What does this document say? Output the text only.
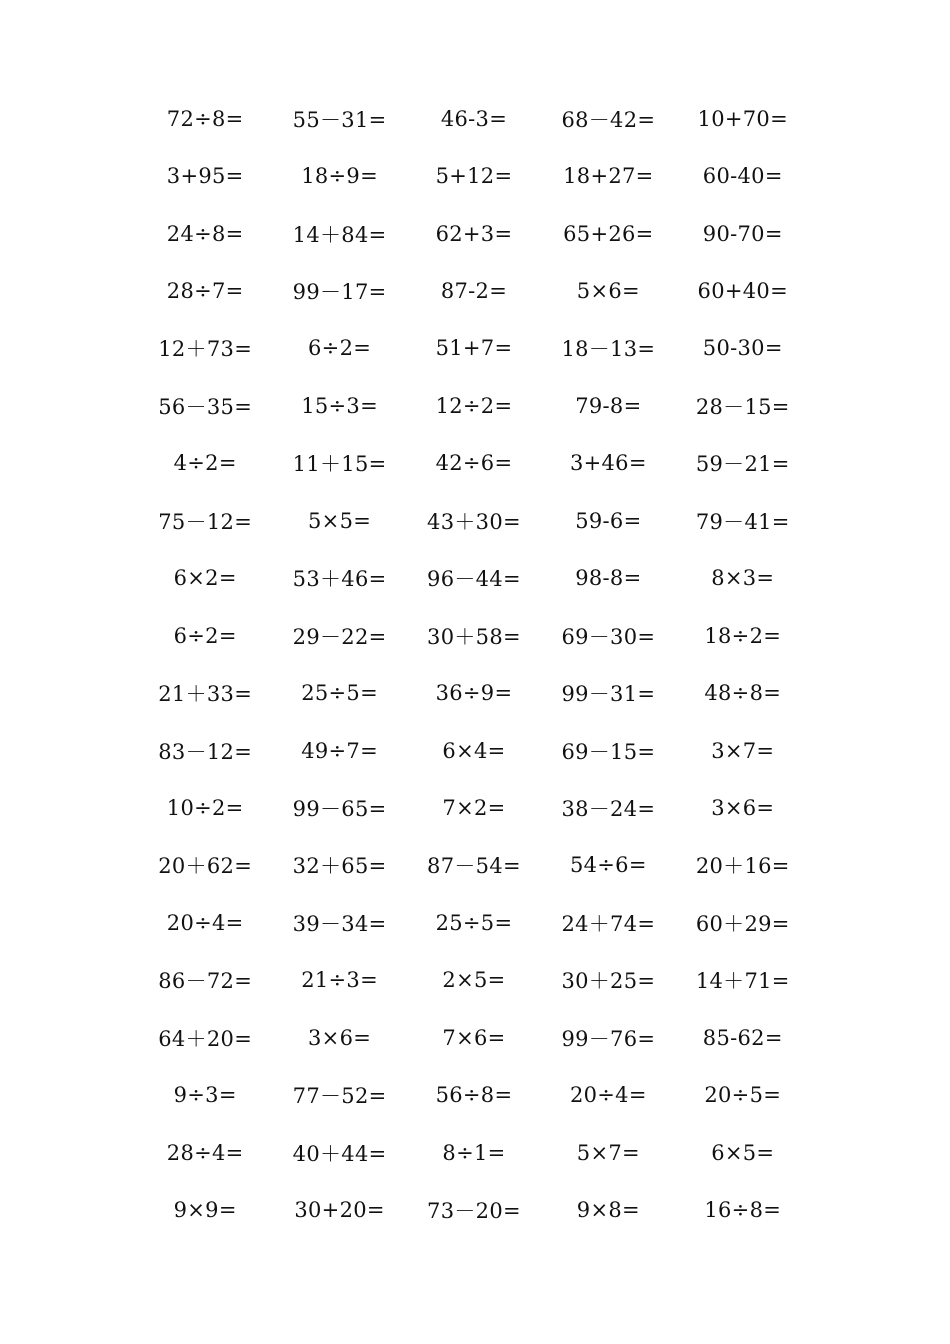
72÷8=	55－31=	46-3=	68－42=	10+70=
3+95=	18÷9=	5+12=	18+27=	60-40=
24÷8=	14＋84=	62+3=	65+26=	90-70=
28÷7=	99－17=	87-2=	5×6=	60+40=
12＋73=	6÷2=	51+7=	18－13=	50-30=
56－35=	15÷3=	12÷2=	79-8=	28－15=
4÷2=	11＋15=	42÷6=	3+46=	59－21=
75－12=	5×5=	43＋30=	59-6=	79－41=
6×2=	53＋46=	96－44=	98-8=	8×3=
6÷2=	29－22=	30＋58=	69－30=	18÷2=
21＋33=	25÷5=	36÷9=	99－31=	48÷8=
83－12=	49÷7=	6×4=	69－15=	3×7=
10÷2=	99－65=	7×2=	38－24=	3×6=
20＋62=	32＋65=	87－54=	54÷6=	20＋16=
20÷4=	39－34=	25÷5=	24＋74=	60＋29=
86－72=	21÷3=	2×5=	30＋25=	14＋71=
64＋20=	3×6=	7×6=	99－76=	85-62=
9÷3=	77－52=	56÷8=	20÷4=	20÷5=
28÷4=	40＋44=	8÷1=	5×7=	6×5=
9×9=	30+20=	73－20=	9×8=	16÷8=
